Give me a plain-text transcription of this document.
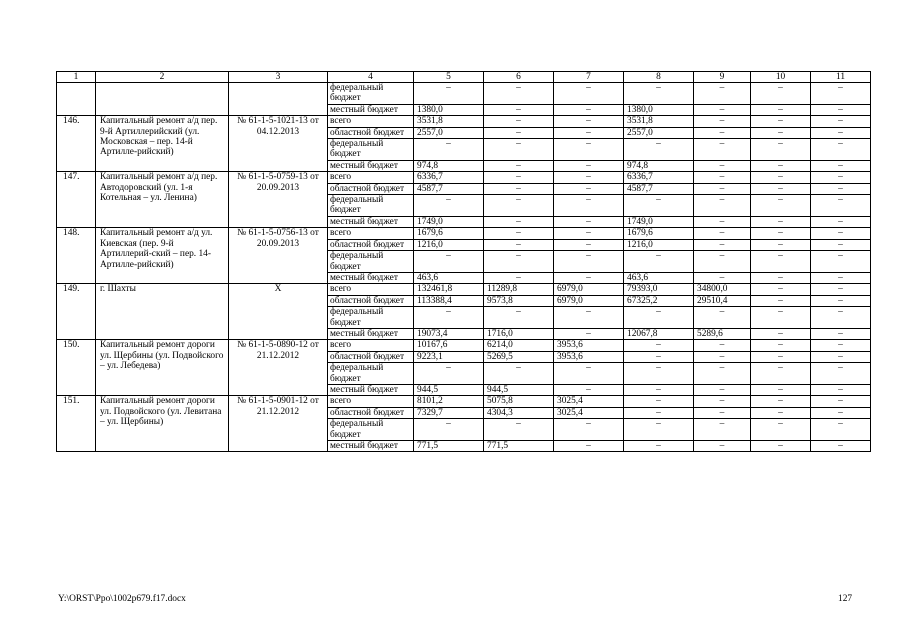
1	2	3	4	5	6	7	8	9	10	11
			федеральный бюджет	–	–	–	–	–	–	–
			местный бюджет	1380,0	–	–	1380,0	–	–	–
146.	Капитальный ремонт а/д пер. 9-й Артиллерийский (ул. Московская – пер. 14-й Артилле-рийский)	№ 61-1-5-1021-13 от 04.12.2013	всего	3531,8	–	–	3531,8	–	–	–
			областной бюджет	2557,0	–	–	2557,0	–	–	–
			федеральный бюджет	–	–	–	–	–	–	–
			местный бюджет	974,8	–	–	974,8	–	–	–
147.	Капитальный ремонт а/д пер. Автодоровский (ул. 1-я Котельная – ул. Ленина)	№ 61-1-5-0759-13 от 20.09.2013	всего	6336,7	–	–	6336,7	–	–	–
			областной бюджет	4587,7	–	–	4587,7	–	–	–
			федеральный бюджет	–	–	–	–	–	–	–
			местный бюджет	1749,0	–	–	1749,0	–	–	–
148.	Капитальный ремонт а/д ул. Киевская (пер. 9-й Артиллерий-ский – пер. 14-Артилле-рийский)	№ 61-1-5-0756-13 от 20.09.2013	всего	1679,6	–	–	1679,6	–	–	–
			областной бюджет	1216,0	–	–	1216,0	–	–	–
			федеральный бюджет	–	–	–	–	–	–	–
			местный бюджет	463,6	–	–	463,6	–	–	–
149.	г. Шахты	Х	всего	132461,8	11289,8	6979,0	79393,0	34800,0	–	–
			областной бюджет	113388,4	9573,8	6979,0	67325,2	29510,4	–	–
			федеральный бюджет	–	–	–	–	–	–	–
			местный бюджет	19073,4	1716,0	–	12067,8	5289,6	–	–
150.	Капитальный ремонт дороги ул. Щербины (ул. Подвойского – ул. Лебедева)	№ 61-1-5-0890-12 от 21.12.2012	всего	10167,6	6214,0	3953,6	–	–	–	–
			областной бюджет	9223,1	5269,5	3953,6	–	–	–	–
			федеральный бюджет	–	–	–	–	–	–	–
			местный бюджет	944,5	944,5	–	–	–	–	–
151.	Капитальный ремонт дороги ул. Подвойского (ул. Левитана – ул. Щербины)	№ 61-1-5-0901-12 от 21.12.2012	всего	8101,2	5075,8	3025,4	–	–	–	–
			областной бюджет	7329,7	4304,3	3025,4	–	–	–	–
			федеральный бюджет	–	–	–	–	–	–	–
			местный бюджет	771,5	771,5	–	–	–	–	–
Y:\ORST\Ppo\1002p679.f17.docx	127
